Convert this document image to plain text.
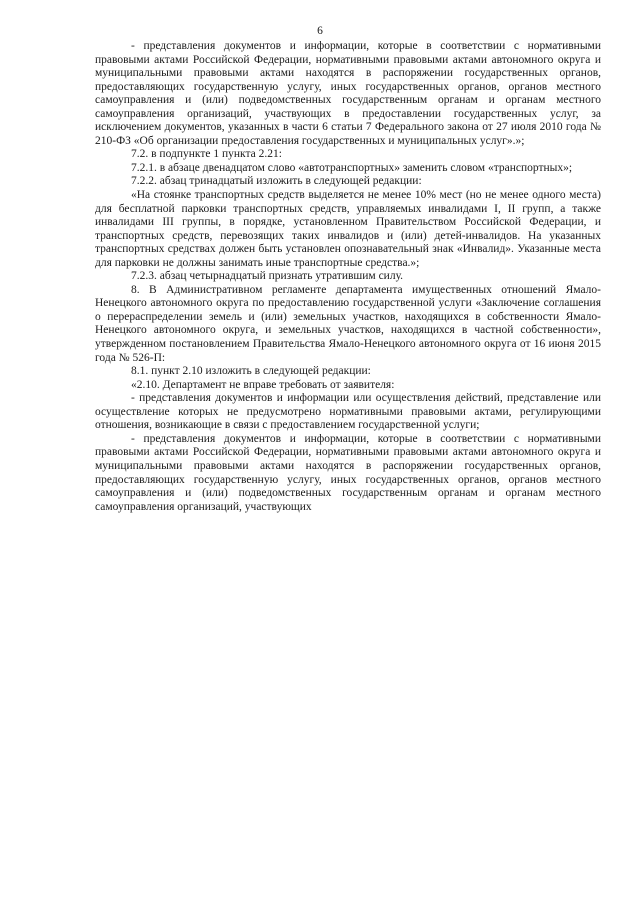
6

- представления документов и информации, которые в соответствии с нормативными правовыми актами Российской Федерации, нормативными правовыми актами автономного округа и муниципальными правовыми актами находятся в распоряжении государственных органов, предоставляющих государственную услугу, иных государственных органов, органов местного самоуправления и (или) подведомственных государственным органам и органам местного самоуправления организаций, участвующих в предоставлении государственных услуг, за исключением документов, указанных в части 6 статьи 7 Федерального закона от 27 июля 2010 года № 210-ФЗ «Об организации предоставления государственных и муниципальных услуг».»;

7.2. в подпункте 1 пункта 2.21:

7.2.1. в абзаце двенадцатом слово «автотранспортных» заменить словом «транспортных»;

7.2.2. абзац тринадцатый изложить в следующей редакции:

«На стоянке транспортных средств выделяется не менее 10% мест (но не менее одного места) для бесплатной парковки транспортных средств, управляемых инвалидами I, II групп, а также инвалидами III группы, в порядке, установленном Правительством Российской Федерации, и транспортных средств, перевозящих таких инвалидов и (или) детей-инвалидов. На указанных транспортных средствах должен быть установлен опознавательный знак «Инвалид». Указанные места для парковки не должны занимать иные транспортные средства.»;

7.2.3. абзац четырнадцатый признать утратившим силу.

8. В Административном регламенте департамента имущественных отношений Ямало-Ненецкого автономного округа по предоставлению государственной услуги «Заключение соглашения о перераспределении земель и (или) земельных участков, находящихся в собственности Ямало-Ненецкого автономного округа, и земельных участков, находящихся в частной собственности», утвержденном постановлением Правительства Ямало-Ненецкого автономного округа от 16 июня 2015 года № 526-П:

8.1. пункт 2.10 изложить в следующей редакции:

«2.10. Департамент не вправе требовать от заявителя:

- представления документов и информации или осуществления действий, представление или осуществление которых не предусмотрено нормативными правовыми актами, регулирующими отношения, возникающие в связи с предоставлением государственной услуги;

- представления документов и информации, которые в соответствии с нормативными правовыми актами Российской Федерации, нормативными правовыми актами автономного округа и муниципальными правовыми актами находятся в распоряжении государственных органов, предоставляющих государственную услугу, иных государственных органов, органов местного самоуправления и (или) подведомственных государственным органам и органам местного самоуправления организаций, участвующих
